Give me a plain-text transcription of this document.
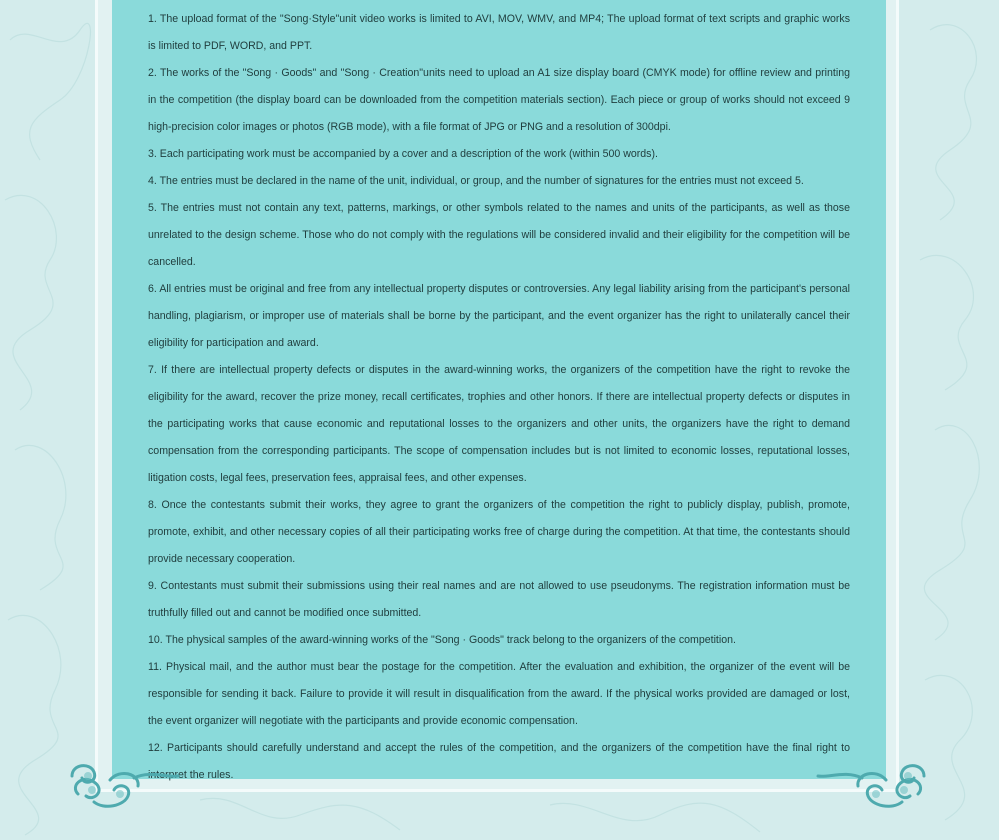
1. The upload format of the "Song·Style"unit video works is limited to AVI, MOV, WMV, and MP4; The upload format of text scripts and graphic works is limited to PDF, WORD, and PPT.
2. The works of the "Song · Goods" and "Song · Creation"units need to upload an A1 size display board (CMYK mode) for offline review and printing in the competition (the display board can be downloaded from the competition materials section). Each piece or group of works should not exceed 9 high-precision color images or photos (RGB mode), with a file format of JPG or PNG and a resolution of 300dpi.
3. Each participating work must be accompanied by a cover and a description of the work (within 500 words).
4. The entries must be declared in the name of the unit, individual, or group, and the number of signatures for the entries must not exceed 5.
5. The entries must not contain any text, patterns, markings, or other symbols related to the names and units of the participants, as well as those unrelated to the design scheme. Those who do not comply with the regulations will be considered invalid and their eligibility for the competition will be cancelled.
6. All entries must be original and free from any intellectual property disputes or controversies. Any legal liability arising from the participant's personal handling, plagiarism, or improper use of materials shall be borne by the participant, and the event organizer has the right to unilaterally cancel their eligibility for participation and award.
7. If there are intellectual property defects or disputes in the award-winning works, the organizers of the competition have the right to revoke the eligibility for the award, recover the prize money, recall certificates, trophies and other honors. If there are intellectual property defects or disputes in the participating works that cause economic and reputational losses to the organizers and other units, the organizers have the right to demand compensation from the corresponding participants. The scope of compensation includes but is not limited to economic losses, reputational losses, litigation costs, legal fees, preservation fees, appraisal fees, and other expenses.
8. Once the contestants submit their works, they agree to grant the organizers of the competition the right to publicly display, publish, promote, promote, exhibit, and other necessary copies of all their participating works free of charge during the competition. At that time, the contestants should provide necessary cooperation.
9. Contestants must submit their submissions using their real names and are not allowed to use pseudonyms. The registration information must be truthfully filled out and cannot be modified once submitted.
10. The physical samples of the award-winning works of the "Song · Goods" track belong to the organizers of the competition.
11. Physical mail, and the author must bear the postage for the competition. After the evaluation and exhibition, the organizer of the event will be responsible for sending it back. Failure to provide it will result in disqualification from the award. If the physical works provided are damaged or lost, the event organizer will negotiate with the participants and provide economic compensation.
12. Participants should carefully understand and accept the rules of the competition, and the organizers of the competition have the final right to interpret the rules.
